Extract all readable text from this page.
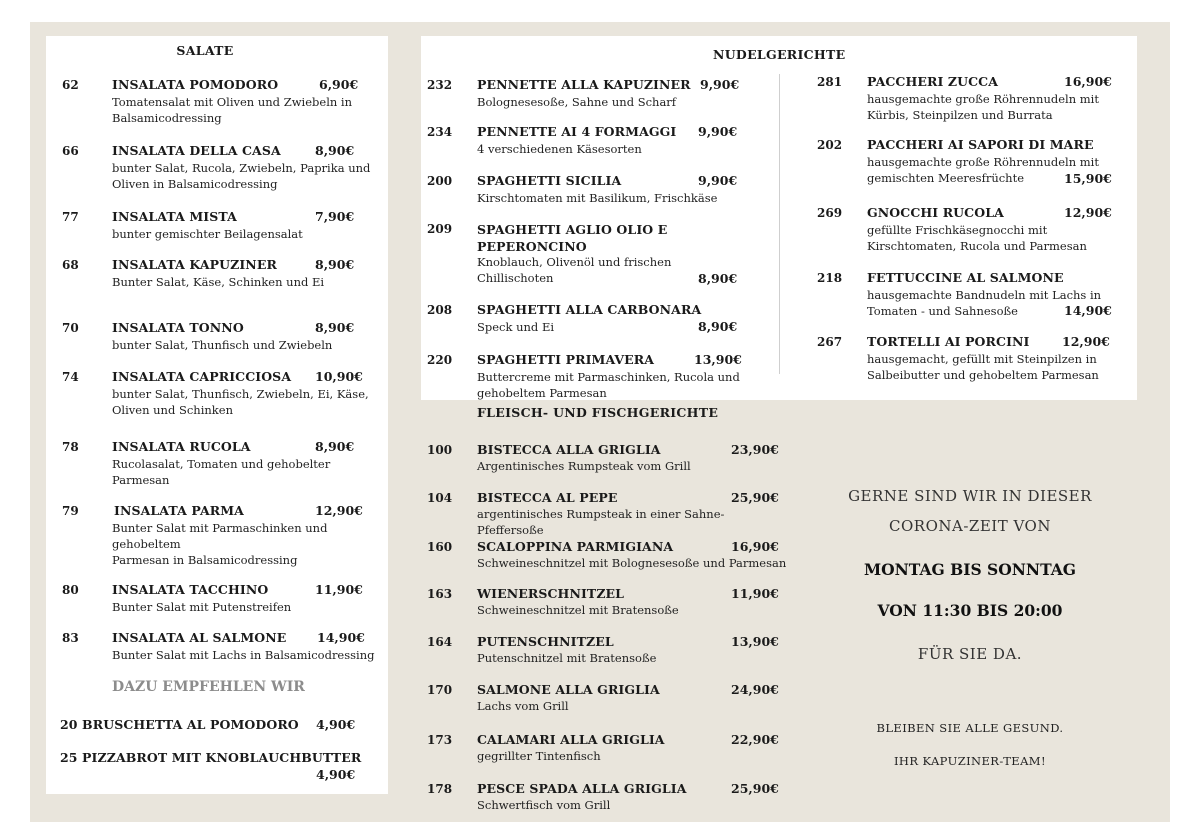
SALATE
62	INSALATA POMODORO	6,90€
Tomatensalat mit Oliven und Zwiebeln in Balsamicodressing
66	INSALATA DELLA CASA	8,90€
bunter Salat, Rucola, Zwiebeln, Paprika und Oliven in Balsamicodressing
77	INSALATA MISTA	7,90€
bunter gemischter Beilagensalat
68	INSALATA KAPUZINER	8,90€
Bunter Salat, Käse, Schinken und Ei
70	INSALATA TONNO	8,90€
bunter Salat, Thunfisch und Zwiebeln
74	INSALATA CAPRICCIOSA 10,90€
bunter Salat, Thunfisch, Zwiebeln, Ei, Käse, Oliven und Schinken
78	INSALATA RUCOLA	8,90€
Rucolasalat, Tomaten und gehobelter Parmesan
79	INSALATA PARMA	12,90€
Bunter Salat mit Parmaschinken und gehobeltem
Parmesan in Balsamicodressing
80	INSALATA TACCHINO	11,90€
Bunter Salat mit Putenstreifen
83	INSALATA AL SALMONE 14,90€
Bunter Salat mit Lachs in Balsamicodressing
DAZU EMPFEHLEN WIR
20 BRUSCHETTA AL POMODORO 4,90€
25 PIZZABROT MIT KNOBLAUCHBUTTER
4,90€
NUDELGERICHTE
232 PENNETTE ALLA KAPUZINER 9,90€
Bolognesesoße, Sahne und Scharf
234 PENNETTE AI 4 FORMAGGI 9,90€
4 verschiedenen Käsesorten
200 SPAGHETTI SICILIA	9,90€
Kirschtomaten mit Basilikum, Frischkäse
209 SPAGHETTI AGLIO OLIO E PEPERONCINO
Knoblauch, Olivenöl und frischen Chillischoten	8,90€
208 SPAGHETTI ALLA CARBONARA
Speck und Ei	8,90€
220 SPAGHETTI PRIMAVERA	13,90€
Buttercreme mit Parmaschinken, Rucola und gehobeltem Parmesan
281 PACCHERI ZUCCA	16,90€
hausgemachte große Röhrennudeln mit Kürbis, Steinpilzen und Burrata
202 PACCHERI AI SAPORI DI MARE
hausgemachte große Röhrennudeln mit gemischten Meeresfrüchte	15,90€
269 GNOCCHI RUCOLA	12,90€
gefüllte Frischkäsegnocchi mit Kirschtomaten, Rucola und Parmesan
218 FETTUCCINE AL SALMONE
hausgemachte Bandnudeln mit Lachs in Tomaten - und Sahnesoße	14,90€
267 TORTELLI AI PORCINI	12,90€
hausgemacht, gefüllt mit Steinpilzen in Salbeibutter und gehobeltem Parmesan
FLEISCH- UND FISCHGERICHTE
100 BISTECCA ALLA GRIGLIA	23,90€
Argentinisches Rumpsteak vom Grill
104 BISTECCA AL PEPE	25,90€
argentinisches Rumpsteak in einer Sahne-Pfeffersoße
160 SCALOPPINA PARMIGIANA	16,90€
Schweineschnitzel mit Bolognesesoße und Parmesan
163 WIENERSCHNITZEL	11,90€
Schweineschnitzel mit Bratensoße
164 PUTENSCHNITZEL	13,90€
Putenschnitzel mit Bratensoße
170 SALMONE ALLA GRIGLIA	24,90€
Lachs vom Grill
173 CALAMARI ALLA GRIGLIA	22,90€
gegrillter Tintenfisch
178 PESCE SPADA ALLA GRIGLIA	25,90€
Schwertfisch vom Grill
GERNE SIND WIR IN DIESER
CORONA-ZEIT VON
MONTAG BIS SONNTAG
VON 11:30 BIS 20:00
FÜR SIE DA.
BLEIBEN SIE ALLE GESUND.
IHR KAPUZINER-TEAM!
